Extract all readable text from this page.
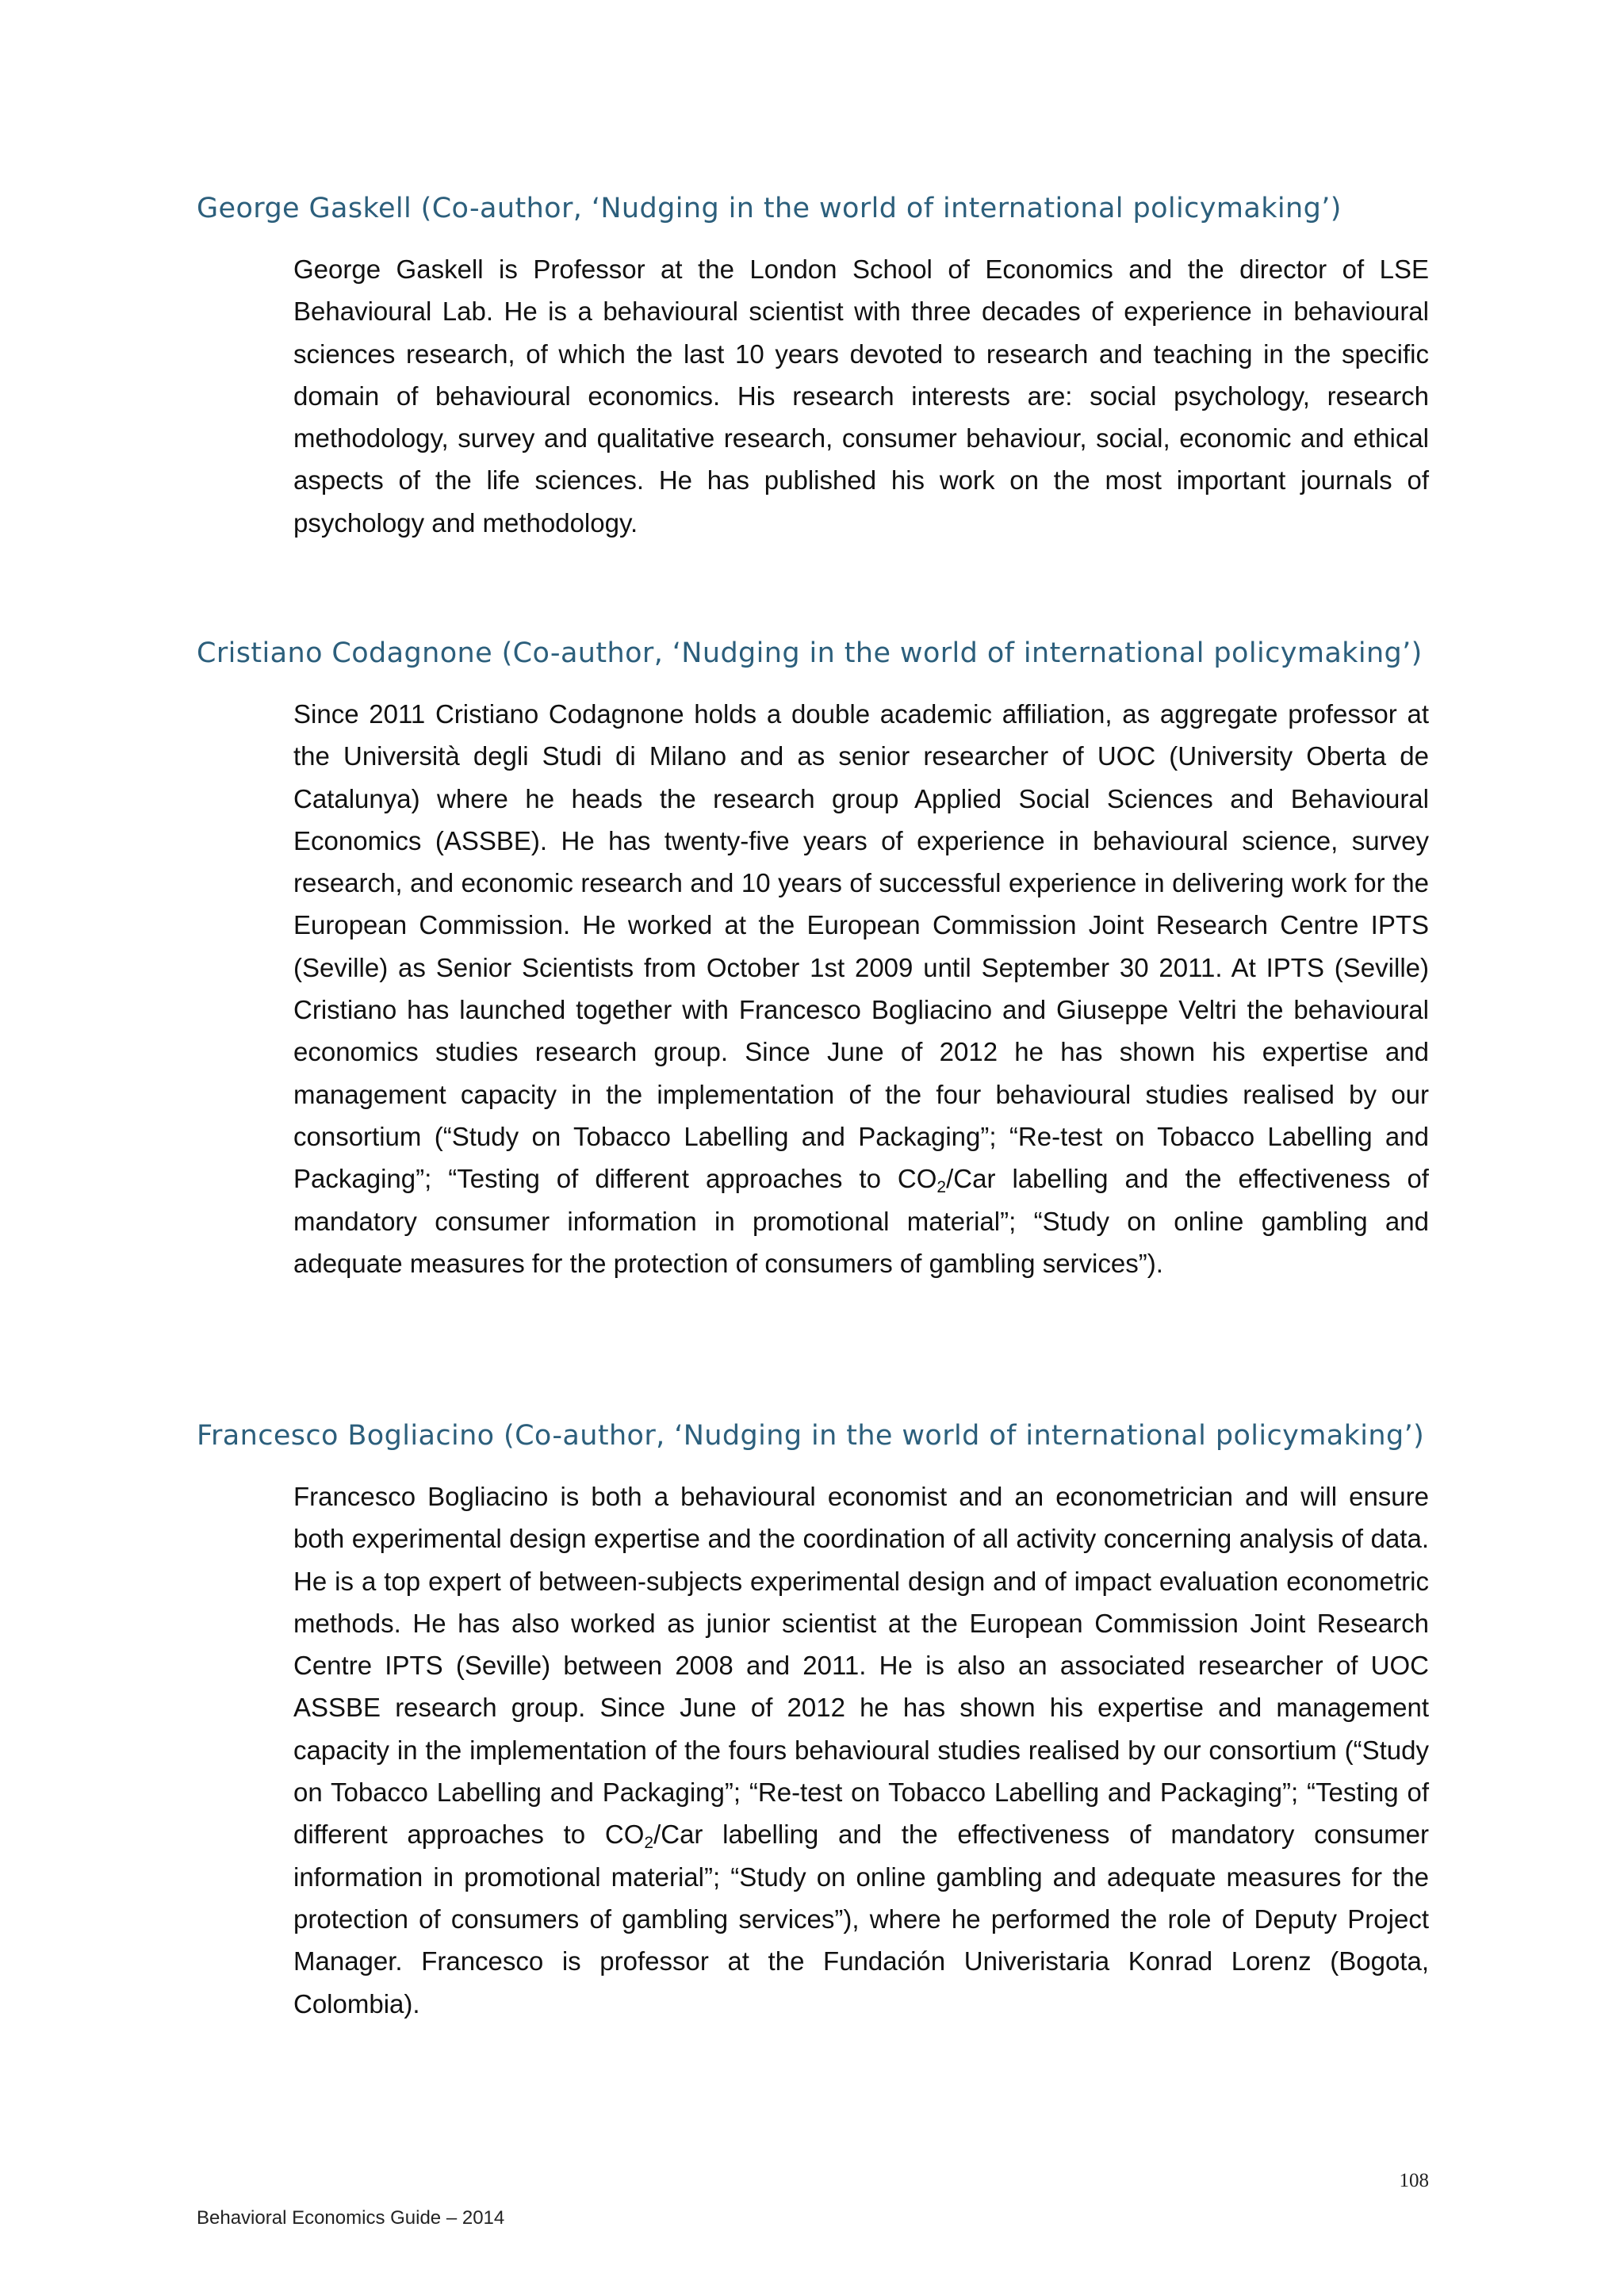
George Gaskell (Co-author, ‘Nudging in the world of international policymaking’)

George Gaskell is Professor at the London School of Economics and the director of LSE Behavioural Lab. He is a behavioural scientist with three decades of experience in behavioural sciences research, of which the last 10 years devoted to research and teaching in the specific domain of behavioural economics. His research interests are: social psychology, research methodology, survey and qualitative research, consumer behaviour, social, economic and ethical aspects of the life sciences. He has published his work on the most important journals of psychology and methodology.

Cristiano Codagnone (Co-author, ‘Nudging in the world of international policymaking’)

Since 2011 Cristiano Codagnone holds a double academic affiliation, as aggregate professor at the Università degli Studi di Milano and as senior researcher of UOC (University Oberta de Catalunya) where he heads the research group Applied Social Sciences and Behavioural Economics (ASSBE). He has twenty-five years of experience in behavioural science, survey research, and economic research and 10 years of successful experience in delivering work for the European Commission. He worked at the European Commission Joint Research Centre IPTS (Seville) as Senior Scientists from October 1st 2009 until September 30 2011. At IPTS (Seville) Cristiano has launched together with Francesco Bogliacino and Giuseppe Veltri the behavioural economics studies research group. Since June of 2012 he has shown his expertise and management capacity in the implementation of the four behavioural studies realised by our consortium (“Study on Tobacco Labelling and Packaging”; “Re-test on Tobacco Labelling and Packaging”; “Testing of different approaches to $CO_2$/Car labelling and the effectiveness of mandatory consumer information in promotional material”; “Study on online gambling and adequate measures for the protection of consumers of gambling services”).

Francesco Bogliacino (Co-author, ‘Nudging in the world of international policymaking’)

Francesco Bogliacino is both a behavioural economist and an econometrician and will ensure both experimental design expertise and the coordination of all activity concerning analysis of data. He is a top expert of between-subjects experimental design and of impact evaluation econometric methods. He has also worked as junior scientist at the European Commission Joint Research Centre IPTS (Seville) between 2008 and 2011. He is also an associated researcher of UOC ASSBE research group. Since June of 2012 he has shown his expertise and management capacity in the implementation of the fours behavioural studies realised by our consortium (“Study on Tobacco Labelling and Packaging”; “Re-test on Tobacco Labelling and Packaging”; “Testing of different approaches to $CO_2$/Car labelling and the effectiveness of mandatory consumer information in promotional material”; “Study on online gambling and adequate measures for the protection of consumers of gambling services”), where he performed the role of Deputy Project Manager. Francesco is professor at the Fundación Univeristaria Konrad Lorenz (Bogota, Colombia).

108
Behavioral Economics Guide – 2014
